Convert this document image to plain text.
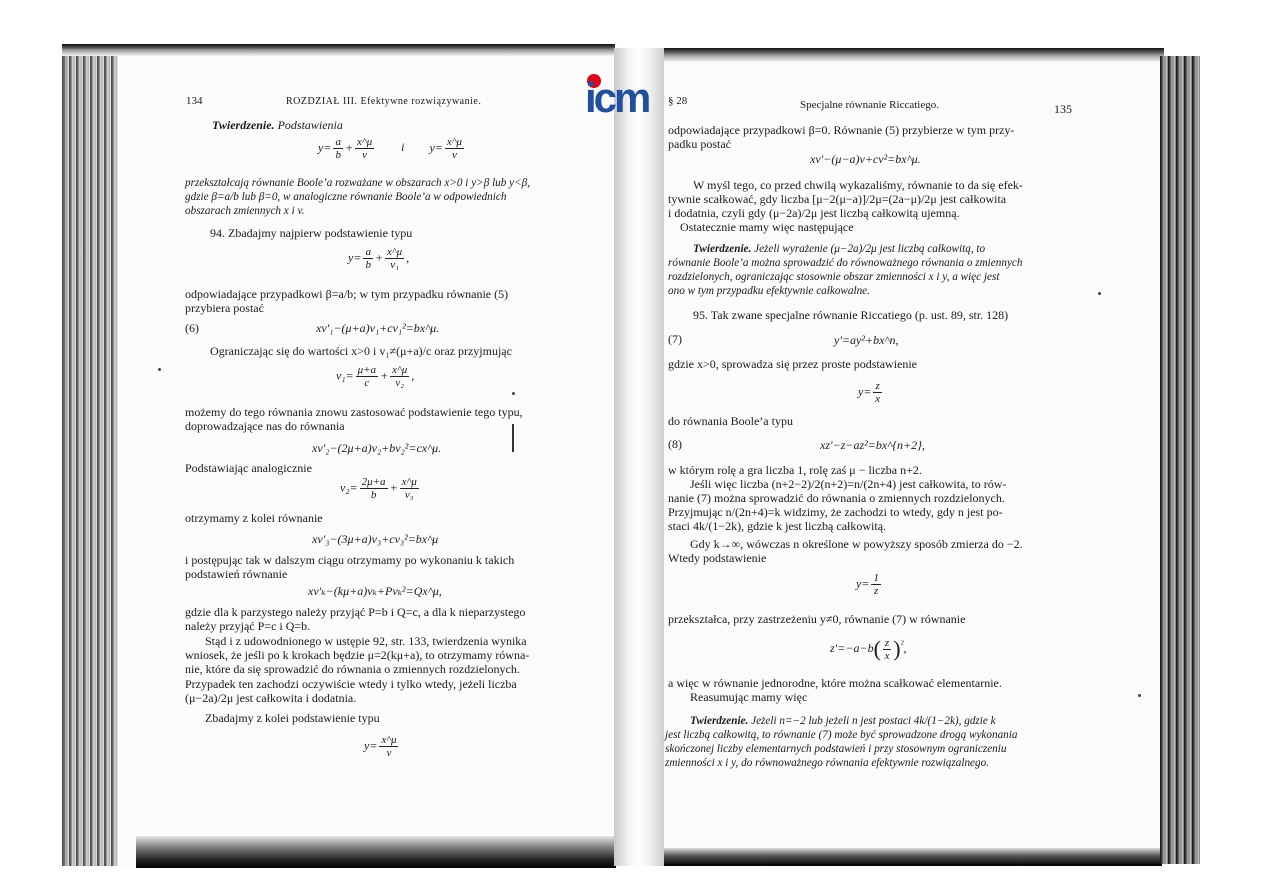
icm
134	ROZDZIAŁ III. Efektywne rozwiązywanie.
Twierdzenie. Podstawienia
$y= \frac{a}{b} + \frac{x\^{}\mu}{v}$ i $y= \frac{x\^{}\mu}{v}$
przekształcają równanie Boole’a rozważane w obszarach x>0 i y>β lub y<β,
gdzie β=a/b lub β=0, w analogiczne równanie Boole’a w odpowiednich
obszarach zmiennych x i v.
94. Zbadajmy najpierw podstawienie typu
$y= \frac{a}{b} + \frac{x\^{}\mu}{\text{v₁}}$ ,
odpowiadające przypadkowi β=a/b; w tym przypadku równanie (5)
przybiera postać
(6)	xv′₁−(μ+a)v₁+cv₁²=bx^μ.
Ograniczając się do wartości x>0 i v₁≠(μ+a)/c oraz przyjmując
$v_1= \frac{\mu+a}{c} + \frac{x\^{}\mu}{\text{v₂}}$ ,
możemy do tego równania znowu zastosować podstawienie tego typu,
doprowadzające nas do równania
xv′₂−(2μ+a)v₂+bv₂²=cx^μ.
Podstawiając analogicznie
$v_2= \frac{2\mu+a}{b} + \frac{x\^{}\mu}{\text{v₃}}$
otrzymamy z kolei równanie
xv′₃−(3μ+a)v₃+cv₃²=bx^μ
i postępując tak w dalszym ciągu otrzymamy po wykonaniu k takich
podstawień równanie
xv′ₖ−(kμ+a)vₖ+Pvₖ²=Qx^μ,
gdzie dla k parzystego należy przyjąć P=b i Q=c, a dla k nieparzystego
należy przyjąć P=c i Q=b.
Stąd i z udowodnionego w ustępie 92, str. 133, twierdzenia wynika
wniosek, że jeśli po k krokach będzie μ=2(kμ+a), to otrzymamy równa-
nie, które da się sprowadzić do równania o zmiennych rozdzielonych.
Przypadek ten zachodzi oczywiście wtedy i tylko wtedy, jeżeli liczba
(μ−2a)/2μ jest całkowita i dodatnia.
Zbadajmy z kolei podstawienie typu
$y= \frac{x\^{}\mu}{v}$
§ 28	Specjalne równanie Riccatiego.	135
odpowiadające przypadkowi β=0. Równanie (5) przybierze w tym przy-
padku postać
xv′−(μ−a)v+cv²=bx^μ.
W myśl tego, co przed chwilą wykazaliśmy, równanie to da się efek-
tywnie scałkować, gdy liczba [μ−2(μ−a)]/2μ=(2a−μ)/2μ jest całkowita
i dodatnia, czyli gdy (μ−2a)/2μ jest liczbą całkowitą ujemną.
Ostatecznie mamy więc następujące
Twierdzenie. Jeżeli wyrażenie (μ−2a)/2μ jest liczbą całkowitą, to
równanie Boole’a można sprowadzić do równoważnego równania o zmiennych
rozdzielonych, ograniczając stosownie obszar zmienności x i y, a więc jest
ono w tym przypadku efektywnie całkowalne.
95. Tak zwane specjalne równanie Riccatiego (p. ust. 89, str. 128)
(7)	y′=ay²+bx^n,
gdzie x>0, sprowadza się przez proste podstawienie
$y= \frac{z}{x}$
do równania Boole’a typu
(8)	xz′−z−az²=bx^{n+2},
w którym rolę a gra liczba 1, rolę zaś μ − liczba n+2.
Jeśli więc liczba (n+2−2)/2(n+2)=n/(2n+4) jest całkowita, to rów-
nanie (7) można sprowadzić do równania o zmiennych rozdzielonych.
Przyjmując n/(2n+4)=k widzimy, że zachodzi to wtedy, gdy n jest po-
staci 4k/(1−2k), gdzie k jest liczbą całkowitą.
Gdy k→∞, wówczas n określone w powyższy sposób zmierza do −2.
Wtedy podstawienie
$y= \frac{1}{z}$
przekształca, przy zastrzeżeniu y≠0, równanie (7) w równanie
$z'=-a-b( \frac{z}{x} )^{^2}$,
a więc w równanie jednorodne, które można scałkować elementarnie.
Reasumując mamy więc
Twierdzenie. Jeżeli n=−2 lub jeżeli n jest postaci 4k/(1−2k), gdzie k
jest liczbą całkowitą, to równanie (7) może być sprowadzone drogą wykonania
skończonej liczby elementarnych podstawień i przy stosownym ograniczeniu
zmienności x i y, do równoważnego równania efektywnie rozwiązalnego.
